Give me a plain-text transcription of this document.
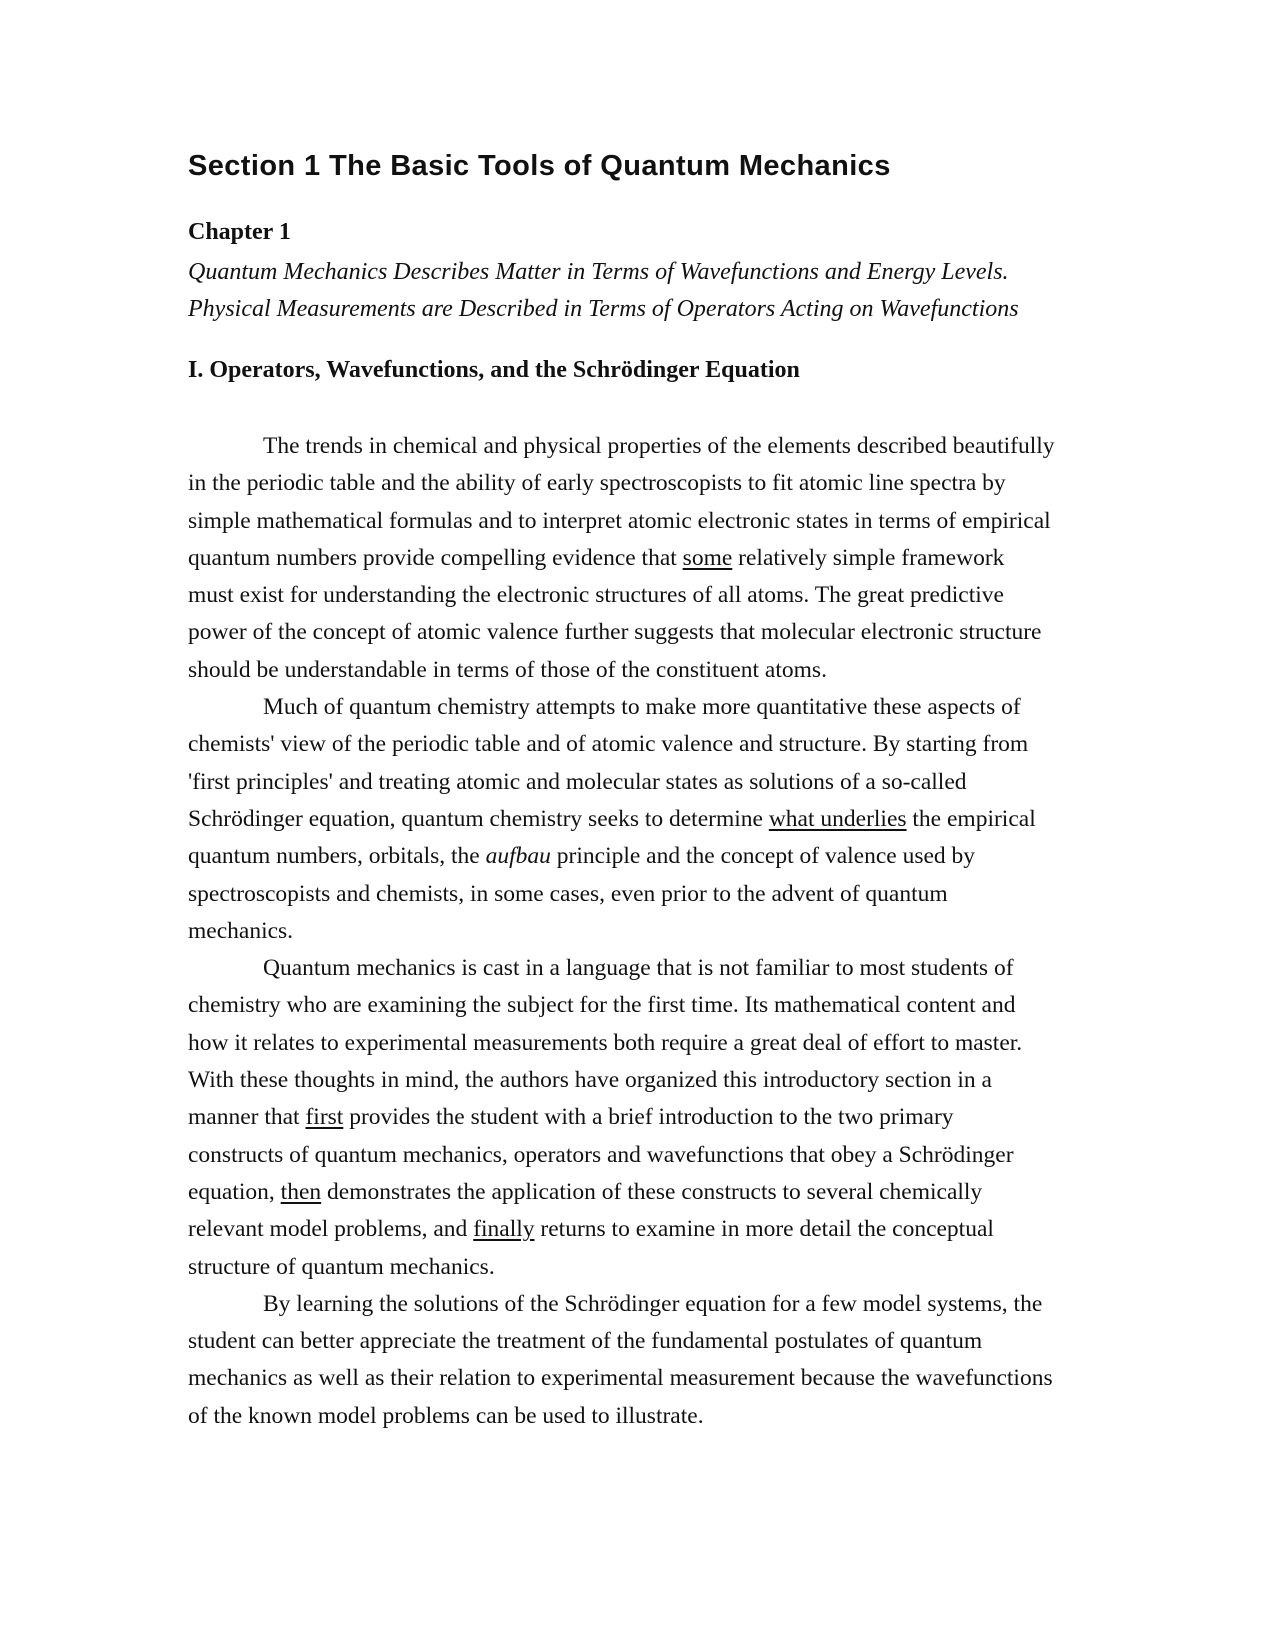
Section 1 The Basic Tools of Quantum Mechanics
Chapter 1
Quantum Mechanics Describes Matter in Terms of Wavefunctions and Energy Levels.
Physical Measurements are Described in Terms of Operators Acting on Wavefunctions
I. Operators, Wavefunctions, and the Schrödinger Equation
The trends in chemical and physical properties of the elements described beautifully
in the periodic table and the ability of early spectroscopists to fit atomic line spectra by
simple mathematical formulas and to interpret atomic electronic states in terms of empirical
quantum numbers provide compelling evidence that some relatively simple framework
must exist for understanding the electronic structures of all atoms. The great predictive
power of the concept of atomic valence further suggests that molecular electronic structure
should be understandable in terms of those of the constituent atoms.
Much of quantum chemistry attempts to make more quantitative these aspects of
chemists' view of the periodic table and of atomic valence and structure. By starting from
'first principles' and treating atomic and molecular states as solutions of a so-called
Schrödinger equation, quantum chemistry seeks to determine what underlies the empirical
quantum numbers, orbitals, the aufbau principle and the concept of valence used by
spectroscopists and chemists, in some cases, even prior to the advent of quantum
mechanics.
Quantum mechanics is cast in a language that is not familiar to most students of
chemistry who are examining the subject for the first time. Its mathematical content and
how it relates to experimental measurements both require a great deal of effort to master.
With these thoughts in mind, the authors have organized this introductory section in a
manner that first provides the student with a brief introduction to the two primary
constructs of quantum mechanics, operators and wavefunctions that obey a Schrödinger
equation, then demonstrates the application of these constructs to several chemically
relevant model problems, and finally returns to examine in more detail the conceptual
structure of quantum mechanics.
By learning the solutions of the Schrödinger equation for a few model systems, the
student can better appreciate the treatment of the fundamental postulates of quantum
mechanics as well as their relation to experimental measurement because the wavefunctions
of the known model problems can be used to illustrate.
